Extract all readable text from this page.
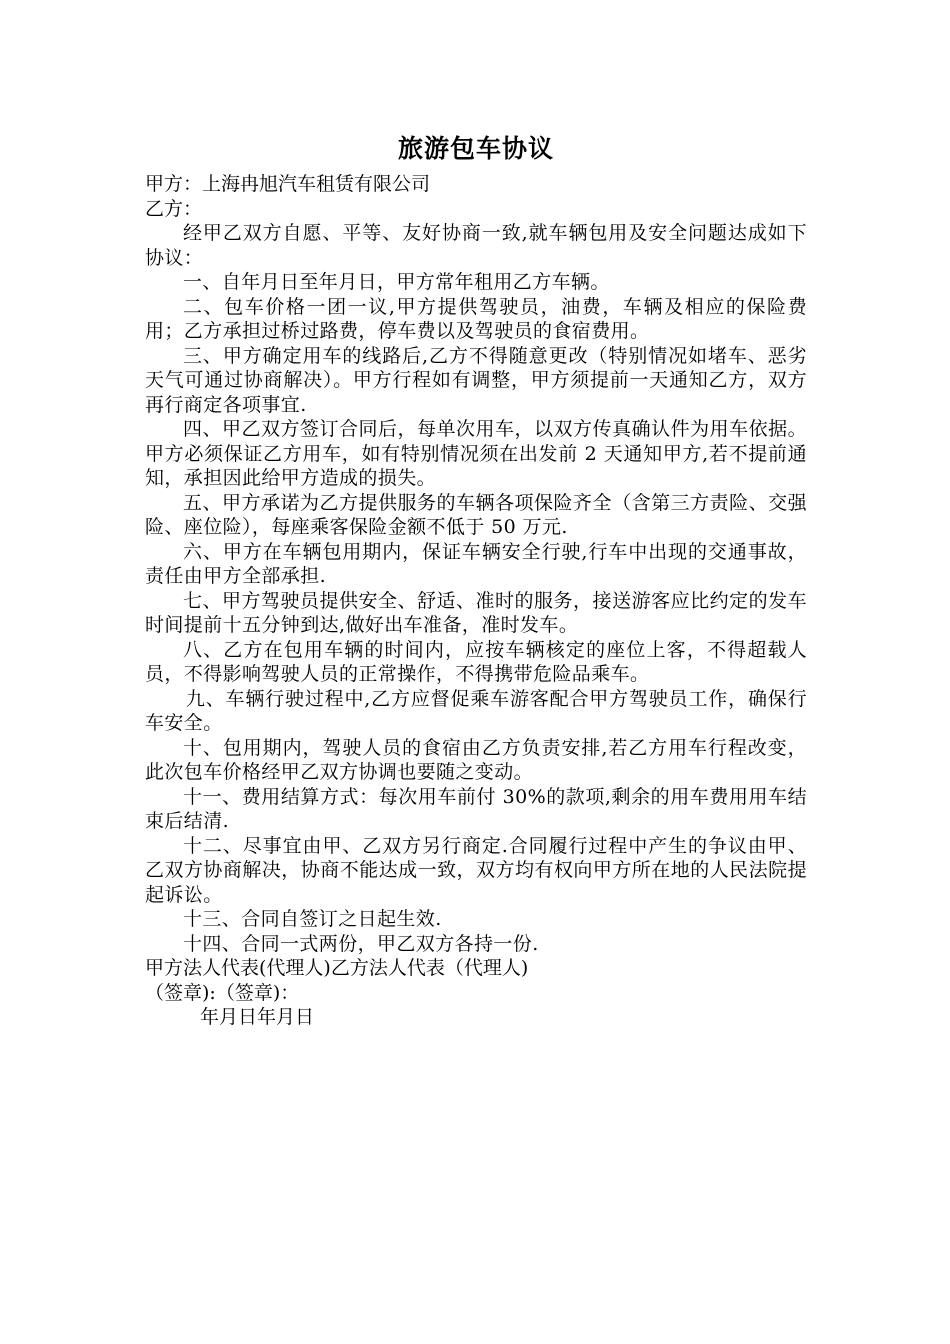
旅游包车协议
甲方：上海冉旭汽车租赁有限公司
乙方：
经甲乙双方自愿、平等、友好协商一致,就车辆包用及安全问题达成如下协议：
一、自年月日至年月日，甲方常年租用乙方车辆。
二、包车价格一团一议,甲方提供驾驶员，油费，车辆及相应的保险费用；乙方承担过桥过路费，停车费以及驾驶员的食宿费用。
三、甲方确定用车的线路后,乙方不得随意更改（特别情况如堵车、恶劣天气可通过协商解决）。甲方行程如有调整，甲方须提前一天通知乙方，双方再行商定各项事宜.
四、甲乙双方签订合同后，每单次用车，以双方传真确认件为用车依据。甲方必须保证乙方用车，如有特别情况须在出发前 2 天通知甲方,若不提前通知，承担因此给甲方造成的损失。
五、甲方承诺为乙方提供服务的车辆各项保险齐全（含第三方责险、交强险、座位险），每座乘客保险金额不低于 50 万元.
六、甲方在车辆包用期内，保证车辆安全行驶,行车中出现的交通事故，责任由甲方全部承担.
七、甲方驾驶员提供安全、舒适、准时的服务，接送游客应比约定的发车时间提前十五分钟到达,做好出车准备，准时发车。
八、乙方在包用车辆的时间内，应按车辆核定的座位上客，不得超载人员，不得影响驾驶人员的正常操作，不得携带危险品乘车。
九、车辆行驶过程中,乙方应督促乘车游客配合甲方驾驶员工作，确保行车安全。
十、包用期内，驾驶人员的食宿由乙方负责安排,若乙方用车行程改变，此次包车价格经甲乙双方协调也要随之变动。
十一、费用结算方式：每次用车前付 30%的款项,剩余的用车费用用车结束后结清.
十二、尽事宜由甲、乙双方另行商定.合同履行过程中产生的争议由甲、乙双方协商解决，协商不能达成一致，双方均有权向甲方所在地的人民法院提起诉讼。
十三、合同自签订之日起生效.
十四、合同一式两份，甲乙双方各持一份.
甲方法人代表(代理人)乙方法人代表（代理人)
（签章):（签章)：
年月日年月日
